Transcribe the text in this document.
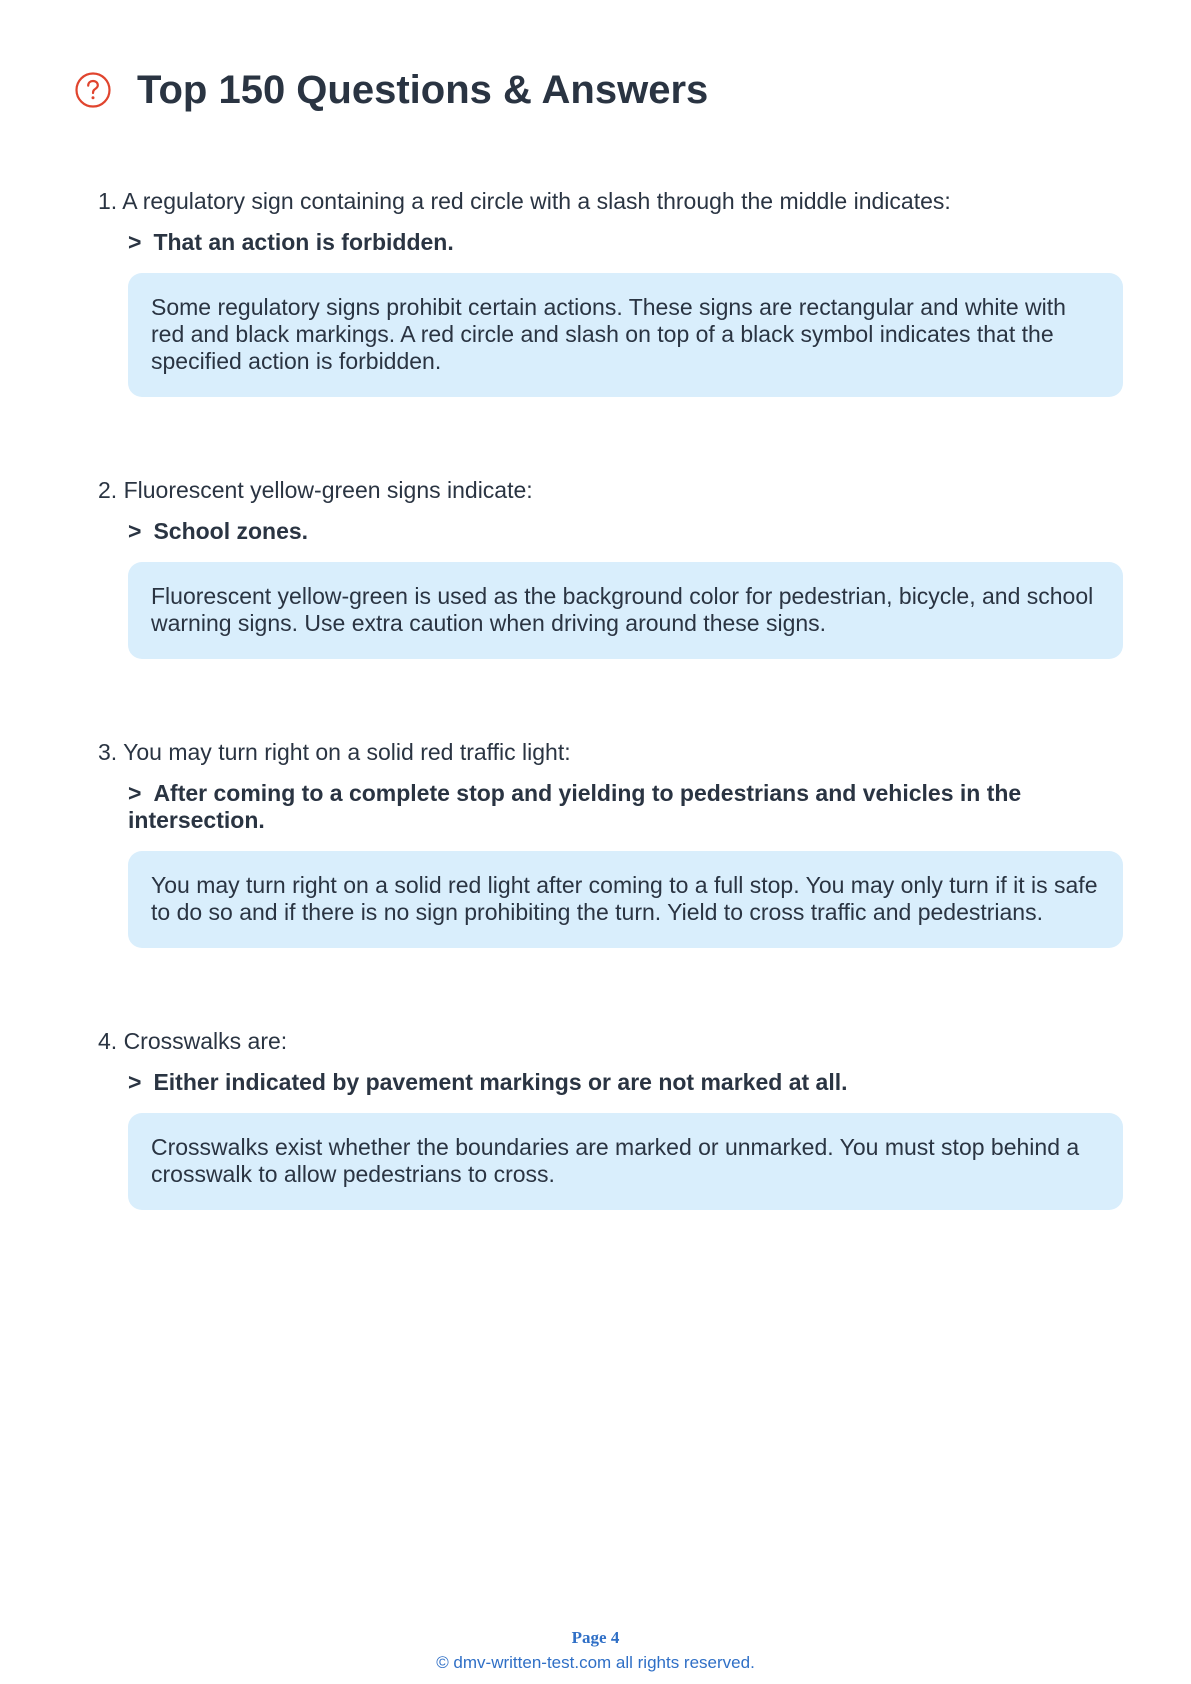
Top 150 Questions & Answers

1. A regulatory sign containing a red circle with a slash through the middle indicates:

> That an action is forbidden.
Some regulatory signs prohibit certain actions. These signs are rectangular and white with red and black markings. A red circle and slash on top of a black symbol indicates that the specified action is forbidden.

2. Fluorescent yellow-green signs indicate:

> School zones.
Fluorescent yellow-green is used as the background color for pedestrian, bicycle, and school warning signs. Use extra caution when driving around these signs.

3. You may turn right on a solid red traffic light:

> After coming to a complete stop and yielding to pedestrians and vehicles in the intersection.
You may turn right on a solid red light after coming to a full stop. You may only turn if it is safe to do so and if there is no sign prohibiting the turn. Yield to cross traffic and pedestrians.

4. Crosswalks are:

> Either indicated by pavement markings or are not marked at all.
Crosswalks exist whether the boundaries are marked or unmarked. You must stop behind a crosswalk to allow pedestrians to cross.
Page 4
© dmv-written-test.com all rights reserved.
